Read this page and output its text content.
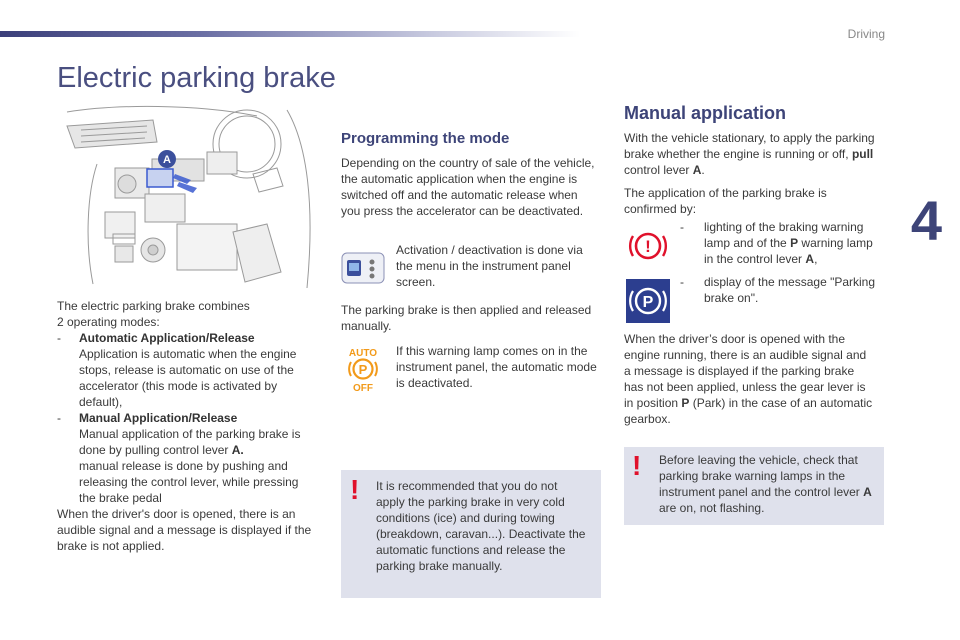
Driving
4
Electric parking brake
A

The electric parking brake combines

2 operating modes:

- Automatic Application/Release

Application is automatic when the engine

stops, release is automatic on use of the

accelerator (this mode is activated by

default),

- Manual Application/Release

Manual application of the parking brake is

done by pulling control lever A.

manual release is done by pushing and

releasing the control lever, while pressing

the brake pedal

When the driver's door is opened, there is an

audible signal and a message is displayed if the

brake is not applied.

Programming the mode
Depending on the country of sale of the vehicle,
the automatic application when the engine is
switched off and the automatic release when
you press the accelerator can be deactivated.
Activation / deactivation is done via
the menu in the instrument panel
screen.
The parking brake is then applied and released
manually.
AUTO
P
OFF
If this warning lamp comes on in the
instrument panel, the automatic mode
is deactivated.
! It is recommended that you do not
apply the parking brake in very cold
conditions (ice) and during towing
(breakdown, caravan...). Deactivate the
automatic functions and release the
parking brake manually.
Manual application
With the vehicle stationary, to apply the parking
brake whether the engine is running or off, pull
control lever A.
The application of the parking brake is
confirmed by:
!
-	lighting of the braking warning
lamp and of the P warning lamp
in the control lever A,
P
-	display of the message "Parking
brake on".
When the driver’s door is opened with the
engine running, there is an audible signal and
a message is displayed if the parking brake
has not been applied, unless the gear lever is
in position P (Park) in the case of an automatic
gearbox.
! Before leaving the vehicle, check that
parking brake warning lamps in the
instrument panel and the control lever A
are on, not flashing.
